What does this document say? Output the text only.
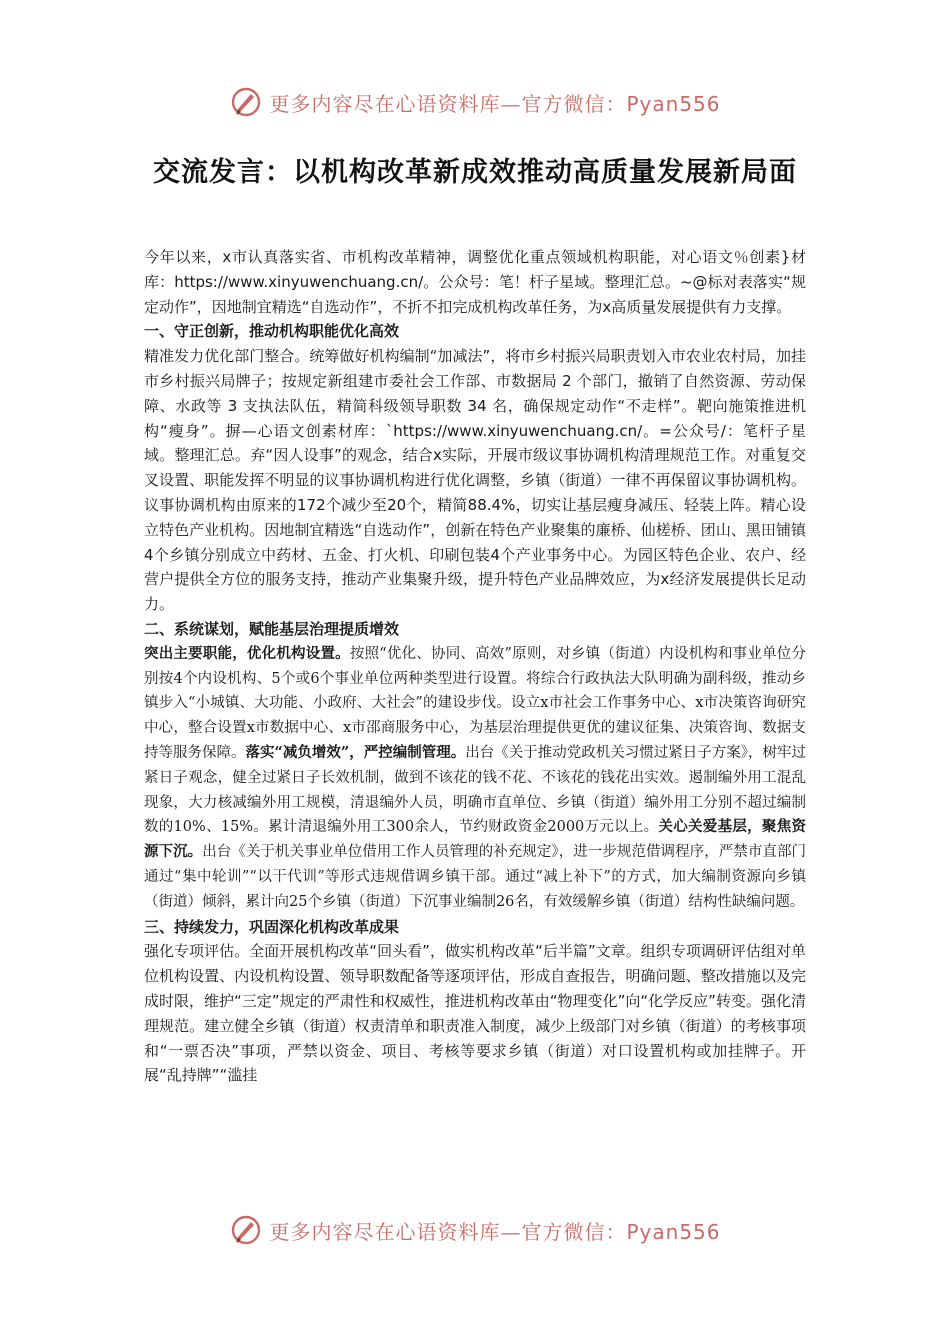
更多内容尽在心语资料库—官方微信：Pyan556
交流发言：以机构改革新成效推动高质量发展新局面

今年以来，x市认真落实省、市机构改革精神，调整优化重点领域机构职能，对心语文％创素}材库：https://www.xinyuwenchuang.cn/。公众号：笔！杆子星域。整理汇总。~@标对表落实“规定动作”，因地制宜精选“自选动作”，不折不扣完成机构改革任务，为x高质量发展提供有力支撑。

一、守正创新，推动机构职能优化高效

精准发力优化部门整合。统筹做好机构编制“加减法”，将市乡村振兴局职责划入市农业农村局，加挂市乡村振兴局牌子；按规定新组建市委社会工作部、市数据局 2 个部门，撤销了自然资源、劳动保障、水政等 3 支执法队伍，精简科级领导职数 34 名，确保规定动作“不走样”。靶向施策推进机构“瘦身”。摒—心语文创素材库：`https://www.xinyuwenchuang.cn/。=公众号/：笔杆子星域。整理汇总。弃“因人设事”的观念，结合x实际，开展市级议事协调机构清理规范工作。对重复交叉设置、职能发挥不明显的议事协调机构进行优化调整，乡镇（街道）一律不再保留议事协调机构。议事协调机构由原来的172个减少至20个，精简88.4%，切实让基层瘦身减压、轻装上阵。精心设立特色产业机构。因地制宜精选“自选动作”，创新在特色产业聚集的廉桥、仙槎桥、团山、黑田铺镇4个乡镇分别成立中药材、五金、打火机、印刷包装4个产业事务中心。为园区特色企业、农户、经营户提供全方位的服务支持，推动产业集聚升级，提升特色产业品牌效应，为x经济发展提供长足动力。

二、系统谋划，赋能基层治理提质增效

突出主要职能，优化机构设置。按照“优化、协同、高效”原则，对乡镇（街道）内设机构和事业单位分别按4个内设机构、5个或6个事业单位两种类型进行设置。将综合行政执法大队明确为副科级，推动乡镇步入“小城镇、大功能、小政府、大社会”的建设步伐。设立x市社会工作事务中心、x市决策咨询研究中心，整合设置x市数据中心、x市邵商服务中心，为基层治理提供更优的建议征集、决策咨询、数据支持等服务保障。落实“减负增效”，严控编制管理。出台《关于推动党政机关习惯过紧日子方案》，树牢过紧日子观念，健全过紧日子长效机制，做到不该花的钱不花、不该花的钱花出实效。遏制编外用工混乱现象，大力核减编外用工规模，清退编外人员，明确市直单位、乡镇（街道）编外用工分别不超过编制数的10%、15%。累计清退编外用工300余人，节约财政资金2000万元以上。关心关爱基层，聚焦资源下沉。出台《关于机关事业单位借用工作人员管理的补充规定》，进一步规范借调程序，严禁市直部门通过“集中轮训”“以干代训”等形式违规借调乡镇干部。通过“减上补下”的方式，加大编制资源向乡镇（街道）倾斜，累计向25个乡镇（街道）下沉事业编制26名，有效缓解乡镇（街道）结构性缺编问题。

三、持续发力，巩固深化机构改革成果

强化专项评估。全面开展机构改革“回头看”，做实机构改革“后半篇”文章。组织专项调研评估组对单位机构设置、内设机构设置、领导职数配备等逐项评估，形成自查报告，明确问题、整改措施以及完成时限，维护“三定”规定的严肃性和权威性，推进机构改革由“物理变化”向“化学反应”转变。强化清理规范。建立健全乡镇（街道）权责清单和职责准入制度，减少上级部门对乡镇（街道）的考核事项和“一票否决”事项，严禁以资金、项目、考核等要求乡镇（街道）对口设置机构或加挂牌子。开展“乱持牌”“滥挂

更多内容尽在心语资料库—官方微信：Pyan556
